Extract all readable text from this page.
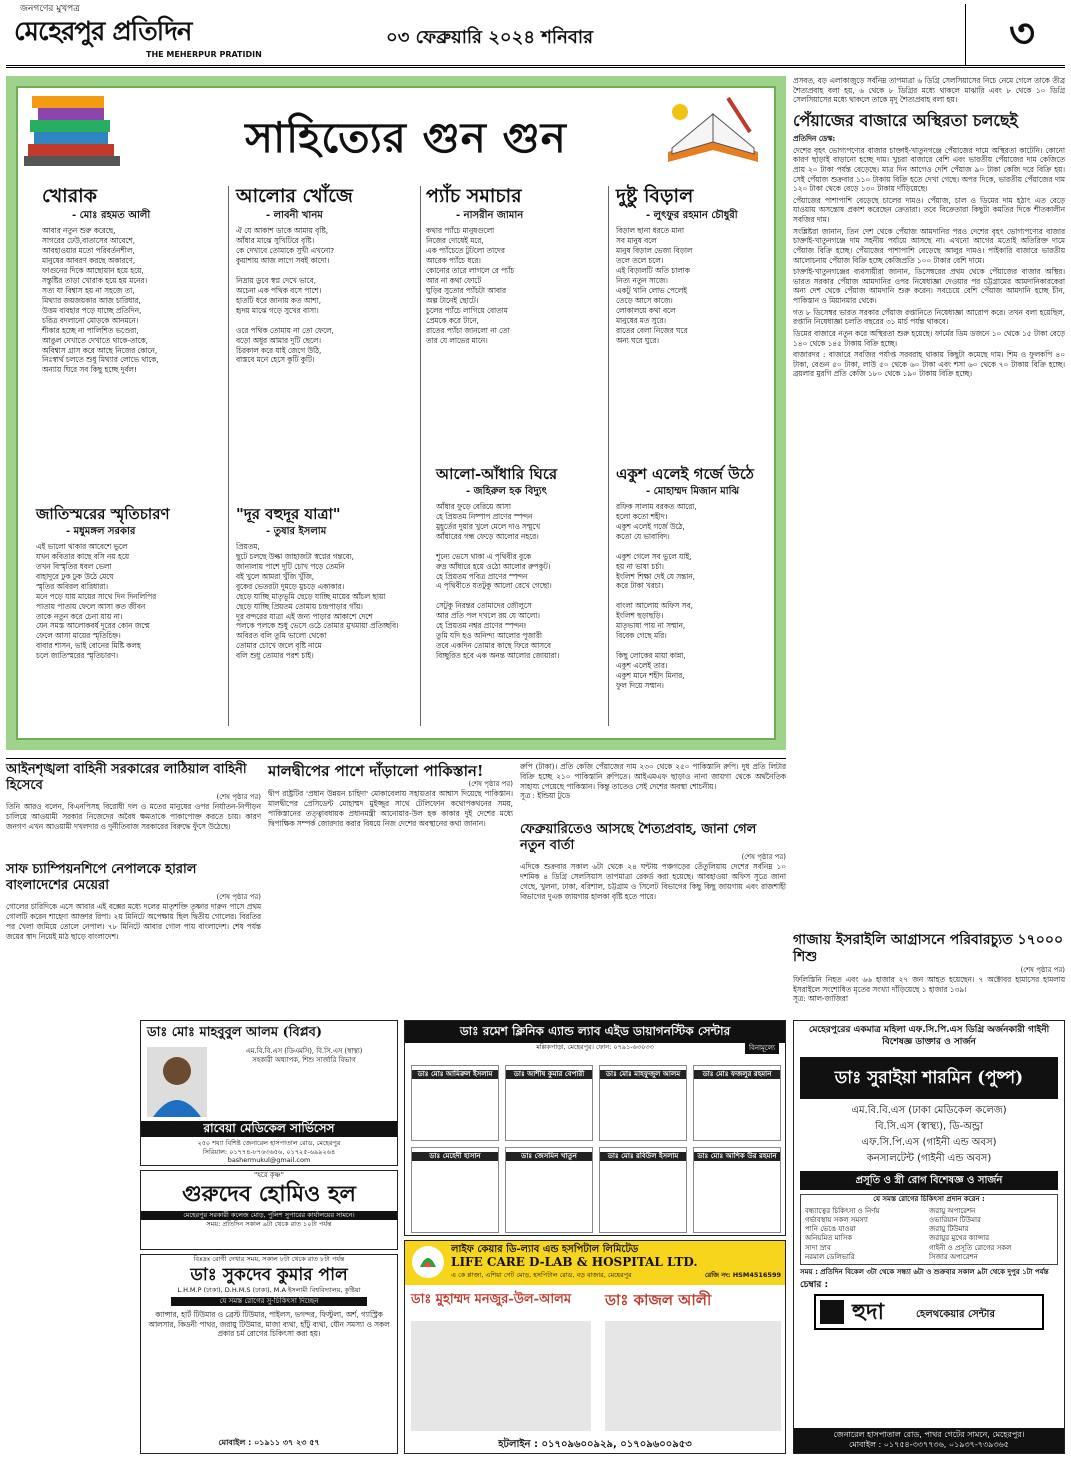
জনগণের মুখপত্র
মেহেরপুর প্রতিদিন
THE MEHERPUR PRATIDIN
০৩ ফেব্রুয়ারি ২০২৪ শনিবার	৩
সাহিত্যের গুন গুন
খোরাক
- মোঃ রহমত আলী

আবার নতুন শুরু করেছে,
সাগরের ঢেউ,বাতাসের আবেশে,
আবহাওয়ার মতো পরিবর্তনশীল,
মানুষের আবরণ করছে অকারণে,
ফাগুনের দিকে আছোয়ান হয়ে হয়ে,
সন্তুষ্টির তাড়া খোরাক হয়ে হয় মনের।
সত্য যা বিশ্বাস হয় না সহজে তা,
মিথ্যার জয়জয়কার আজ চারিধার,
উত্তম ব্যবহার পড়ে যাচ্ছে প্রতিদিন,
চরিত্র বদলানো মোড়কে আনমনে।
শীকার হচ্ছে না পালিশিত ভণ্ডেরা,
আঙুল দেখাতে দেখাতে থাকে-তাকে,
অবিশ্বাস গ্রাস করে আছে নিজের কোনে,
নিঃস্বার্থ চলতে শুধু মিথ্যার লোভে থাকে,
অন্যায় ঘিরে সব কিছু হচ্ছে দুর্বল!

আলোর খোঁজে
- লাবনী খানম

ঐ যে আকাশ ডাকে আমায় বৃষ্টি,
আঁধার মাঝে সুখিটিরে বৃষ্টি।
কে দেখাবে তোমাকে সুখী এখনো?
কুয়াশায় আজ লাগে সবই কাদো।

নিদ্রায় ডুবে স্বপ্ন দেখে ভাবে,
অচেনা এক পথিক বসে পাশে।
হাতটি ধরে জানায় কত আশা,
হৃদয় মাঝে গড়ে সুখের বাসা।

ওরে পথিক তোমায় না তো ফেলে,
বড়ো অধুর আমার দুটি ছেলে।
চিরকাল করে যাই জেগে উঠি,
বাস্তবে মনে হেসে কুটি কুটি।

প্যাঁচ সমাচার
- নাসরীন জামান

কথার প্যাঁচে মানুষগুলো
নিজের দোষেই মরে,
এক প্যাঁচেতে টুটলো তাদের
আরেক প্যাঁচে ধরে।
কোনোর তারে লাগলে রে প্যাঁচ
আর না কথা ফোটে
ঘুড়ির সুতোর প্যাঁচটা আবার
অল্প টানেই ছোটে।
চুলের প্যাঁচে লাগিয়ে বোতাম
প্রেমকে করে টানে,
রাতের প্যাঁচা জানলো না তো
তার যে লাভের মানে।

দুষ্টু বিড়াল
- লুৎফুর রহমান চৌধুরী

বিড়াল ছানা ধরতে মানা
সব মানুষ বলে
মানুষ বিড়াল ভেজা বিড়াল
তলে তলে চলে।
এই বিড়ালটি অতি চালাক
নিত্য নতুন সাজে।
একটু খানি লোভ পেলেই
তেড়ে আসে কাজে।
লোকালয়ে কথা বলে
মানুষের মত সুরে।
রাতের বেলা নিজের ঘরে
অন্য ঘরে ঘুরে।

জাতিস্মরের স্মৃতিচারণ
- মধুমঙ্গল সরকার

এই ভালো থাকার আবেশে ভুলে
যখন কবিতার কাছে বসি নয় হয়ে
তখন বিস্মৃতির ধবল ভেলা
বাহাদুরে ঢুক ঢুক উঠে মেঘে
স্মৃতির অবিরল বারিধারা।
মনে পড়ে যায় মায়ের সাথে দিন দিনলিপির
পাতায় পাতায় ফেলে আসা কত জীবন
তাকে নতুন করে চেনা যায় না।
যেন সমস্ত আলোকবর্ষ দূরের কোন জন্মে
ফেলে আসা মায়ের স্মৃতিচিহ্ন।
বাবার শাসন, ভাই বোনের মিষ্টি কলহ
চলে জাতিস্মরের স্মৃতিচারণ।

"দূর বহুদূর যাত্রা"
- তুষার ইসলাম

প্রিয়তম,
ছুটে চলছে উল্কা জাহাজটা স্বপ্নের গন্তব্যে,
জানালায় পাশে দুটি চোখ পড়ে তেমনি
বই খুলে আমরা খুঁজি খুঁজি,
বুকের ভেতরটা দুমড়ে মুচড়ে একাকার।
ছেড়ে যাচ্ছি মাতৃভূমি ছেড়ে যাচ্ছি মায়ের আঁচল ছায়া
ছেড়ে যাচ্ছি প্রিয়তম তোমায় চন্দ্রপাড়ার গাঁয়।
দূর বন্দরের যাত্রা এই জন্য পাড়ার আকাশে দেশে
পলকে পলকে শুধু ভেসে ওঠে তোমার মুখমায়া প্রতিচ্ছবি।
অবিরত বলি তুমি ভালো থেকো
তোমার চোখে জলে বৃষ্টি নামে
বলি শুধু তোমার পরশ চাই।

আলো-আঁধারি ঘিরে
- জহিরুল হক বিদ্যুৎ

আঁধার ফুড়ে বেরিয়ে আসা
হে প্রিয়তম নিষ্পাপ প্রাণের স্পন্দন
মুহূর্তের দুয়ার খুলে মেলে দাও সম্মুখে
আঁধারের গন্ধ ফেড়ে আলোর নহরে।

শূন্যে ভেসে থাকা এ পৃথিবীর বুকে
রুদ্র আঁধারে হয়ে ওঠো আলোর রুপকুট।
হে প্রিয়তম পবিত্র প্রাণের স্পন্দন
এ পৃথিবীতে যতটুকু আলো রেখে গেছো।

সেটুকু নিরন্তর তোমাদের জৌলুসে
আর প্রতি পল দখলে রয় যে আলো।
হে প্রিয়তম নশ্বর প্রাণের স্পন্দন!
তুমি যদি হও অনিন্দ্য আলোর পূজারী
তবে একদিন তোমার কাছে ফিরে আসবে
বিচ্ছুরিত হবে এক অনন্ত আলোর জোয়ারা।

একুশ এলেই গর্জে উঠে
- মোহাম্মদ মিজান মাঝি

রফিক সালাম বরকত আরো,
হলো কতো শহীদ।
একুশ এলেই গর্জে উঠে,
কতো যে ভাবাবিদ।

একুশ গেলে সব ভুলে যাই,
হয় না ভাষা চর্চা।
ইংলিশ শিক্ষা দেই যে সন্তান,
করে টাকা খরচা।

বাংলা আলোয় অফিস সব,
ইংলিশ ছড়াছড়ি।
মাতৃভাষা পায় না সম্মান,
বিবেক গেছে মরি।

কিছু লোকের মায়া কান্না,
একুশ এলেই তার।
একুশ মানে শহীদ মিনার,
ফুল দিয়ে সম্মান।

প্রসবত, বড় এলাকাজুড়ে সর্বনিম্ন তাপমাত্রা ৬ ডিগ্রি সেলসিয়াসের নিচে নেমে গেলে তাকে তীব্র শৈত্যপ্রবাহ বলা হয়, ৬ থেকে ৮ ডিগ্রির মধ্যে থাকলে মাঝারি এবং ৮ থেকে ১০ ডিগ্রি সেলসিয়াসের মধ্যে থাকলে তাকে মৃদু শৈত্যপ্রবাহ বলা হয়।
পেঁয়াজের বাজারে অস্থিরতা চলছেই
প্রতিদিন ডেস্ক:
দেশের বৃহৎ ভোগ্যপণ্যের বাজার চাক্তাই-খাতুনগঞ্জে পেঁয়াজের দামে অস্থিরতা কাটেনি। কোনো কারণ ছাড়াই বাড়ানো হচ্ছে দাম। খুচরা বাজারে বেশি এবং ভারতীয় পেঁয়াজের দাম কেজিতে প্রায় ২০ টাকা পর্যন্ত বেড়েছে। মাত্র দিন আগেও দেশি পেঁয়াজ ৯০ টাকা কেজি দরে বিক্রি হয়। সেই পেঁয়াজ শুক্রবার ১১০ টাকায় বিক্রি হতে দেখা গেছে। অপর দিকে, ভারতীয় পেঁয়াজের দাম ১২০ টাকা থেকে বেড়ে ১৩০ টাকায় দাঁড়িয়েছে।
পেঁয়াজের পাশাপাশি বেড়েছে চালের দামও। পেঁয়াজ, চাল ও ডিমের দাম হঠাৎ এত বেড়ে যাওয়ায় অসন্তোষ প্রকাশ করেছেন ক্রেতারা। তবে বিক্রেতারা কিছুটা কমতির দিকে শীতকালীন সবজির দাম।
সংশ্লিষ্টরা জানান, তিন দেশ থেকে পেঁয়াজ আমদানির পরও দেশের বৃহৎ ভোগ্যপণ্যের বাজার চাক্তাই-খাতুনগঞ্জে দাম সহনীয় পর্যায়ে আসছে না। এখনো আগের মতোই অতিরিক্ত দামে পেঁয়াজ বিক্রি হচ্ছে। পেঁয়াজের পাশাপাশি বেড়েছে আলুর দামও। পাইকারি বাজারে ভারতীয় আলোচনায় পেঁয়াজ বিক্রি হচ্ছে কেজিপ্রতি ১০০ টাকার বেশি দামে।
চাক্তাই-খাতুনগঞ্জের ব্যবসায়ীরা জানান, ডিসেম্বরের প্রথম থেকে পেঁয়াজের বাজার অস্থির। ভারত সরকার পেঁয়াজ আমদানির ওপর নিষেধাজ্ঞা দেওয়ার পর চট্টগ্রামের আমদানিকারকেরা অন্য দেশ থেকে পেঁয়াজ আমদানি শুরু করেন। সবচেয়ে বেশি পেঁয়াজ আমদানি হচ্ছে চীন, পাকিস্তান ও মিয়ানমার থেকে।
গত ৮ ডিসেম্বর ভারত সরকার পেঁয়াজ রপ্তানিতে নিষেধাজ্ঞা আরোপ করে। তখন বলা হয়েছিল, রপ্তানি নিষেধাজ্ঞা চলতি বছরের ৩১ মার্চ পর্যন্ত থাকবে।
ডিমের বাজারে নতুন করে অস্থিরতা শুরু হয়েছে। ফার্মের ডিম ডজনে ১০ থেকে ১৫ টাকা বেড়ে ১৪০ থেকে ১৪৫ টাকায় বিক্রি হচ্ছে।
বাজারদর : বাজারে সবজির পর্যাপ্ত সরবরাহ থাকায় কিছুটা কমেছে দাম। শিম ও ফুলকপি ৪০ টাকা, বেগুন ৫০ টাকা, লাউ ৫০ থেকে ৬০ টাকা এবং শসা ৬০ থেকে ৭০ টাকায় বিক্রি হচ্ছে। ব্রয়লার মুরগি প্রতি কেজি ১৮০ থেকে ১৯০ টাকায় বিক্রি হচ্ছে।
গাজায় ইসরাইলি আগ্রাসনে পরিবারচ্যুত ১৭০০০ শিশু
(শেষ পৃষ্ঠার পর)
ফিলিস্তিনি নিহত এবং ৬৬ হাজার ২৭ জন আহত হয়েছেন। ৭ অক্টোবর হামাসের হামলায় ইসরাইলে সংশোধিত মৃতের সংখ্যা দাঁড়িয়েছে ১ হাজার ১৩৯।
সূত্র: আল-জাজিরা
আইনশৃঙ্খলা বাহিনী সরকারের লাঠিয়াল বাহিনী হিসেবে
(শেষ পৃষ্ঠার পর)
তিনি আরও বলেন, বিএনপিসহ বিরোধী দল ও মতের মানুষের ওপর নির্যাতন-নিপীড়ন চালিয়ে আওয়ামী সরকার নিজেদের অবৈধ ক্ষমতাকে পাকাপোক্ত করতে চায়। কারণ জনগণ এখন আওয়ামী দখলদার ও দুর্নীতিবাজ সরকারের বিরুদ্ধে ফুঁসে উঠেছে।
সাফ চ্যাম্পিয়নশিপে নেপালকে হারাল বাংলাদেশের মেয়েরা
(শেষ পৃষ্ঠার পর)
গোলের চারিদিকে এসে আবার এই বক্সের মধ্যে দলের মাতৃশক্তি তৃষ্ণার দারুন পাসে প্রথম গোলটি করেন শাহেদা আক্তার রিপা। ২য় মিনিটে অপেক্ষায় ছিল দ্বিতীয় গোলের। বিরতির পর খেলা জমিয়ে তোলে নেপাল। ৭৮ মিনিটে আবার গোল পায় বাংলাদেশ। শেষ পর্যন্ত জয়ের স্বাদ নিয়েই মাঠ ছাড়ে বাংলাদেশ।
মালদ্বীপের পাশে দাঁড়ালো পাকিস্তান!
(শেষ পৃষ্ঠার পর)
দ্বীপ রাষ্ট্রটির 'প্রধান উন্নয়ন চাহিদা' মোকাবেলায় সহায়তার আশ্বাস দিয়েছে পাকিস্তান। মালদ্বীপের প্রেসিডেন্ট মোহাম্মদ মুইজ্জুর সাথে টেলিফোন কথোপকথনের সময়, পাকিস্তানের তত্ত্বাবধায়ক প্রধানমন্ত্রী আনোয়ার-উল হক কাকার দুই দেশের মধ্যে দ্বিপাক্ষিক সম্পর্ক জোরদার করার বিষয়ে নিজ দেশের অবস্থানের কথা জানান।
রুপি (টাকা)। প্রতি কেজি পেঁয়াজের দাম ২৩০ থেকে ২৫০ পাকিস্তানি রুপি। দুধ প্রতি লিটার বিক্রি হচ্ছে ২১০ পাকিস্তানি রুপিতে। আইএমএফ ছাড়াও নানা জায়গা থেকে অর্থনৈতিক সাহায্য পেয়েছে পাকিস্তান। কিন্তু তাতেও সেই দেশের অবস্থা শোচনীয়।
সূত্র : ইন্ডিয়া টুডে
ফেব্রুয়ারিতেও আসছে শৈত্যপ্রবাহ, জানা গেল নতুন বার্তা
(শেষ পৃষ্ঠার পর)
এদিকে শুক্রবার সকাল ৬টা থেকে ২৪ ঘন্টায় পঞ্চগড়ের তেঁতুলিয়ায় দেশের সর্বনিম্ন ১০ দশমিক ৪ ডিগ্রি সেলসিয়াস তাপমাত্রা রেকর্ড করা হয়েছে। আবহাওয়া অফিস সূত্রে জানা গেছে, খুলনা, ঢাকা, বরিশাল, চট্টগ্রাম ও সিলেট বিভাগের কিছু কিছু জায়গায় এবং রাজশাহী বিভাগের দুএক জায়গায় হালকা বৃষ্টি হতে পারে।
ডাঃ মোঃ মাহবুবুল আলম (বিপ্লব)
এম.বি.বি.এস (ডিএমসি), বি.সি.এস (স্বাস্থ্য)
সহকারী অধ্যাপক, শিশু সার্জারি বিভাগ
রাবেয়া মেডিকেল সার্ভিসেস
২৫০ শয্যা বিশিষ্ট জেনারেল হাসপাতাল রোড, মেহেরপুর
সিরিয়াল: ০১৭৭৪-৮৭৬৩৬৫৬, ০১৭২৫-৬৯৯২৬৪
bashermukul@gmail.com
"হরে কৃষ্ণ"
গুরুদেব হোমিও হল
মেহেরপুর সরকারী কলেজ মোড়, পুলিশ সুপারের কার্যালয়ের সামনে।
সময়: প্রতিদিন সকাল ৯টা থেকে রাত ১০টা পর্যন্ত
বিঃদ্রঃ রোগী দেখার সময়, সকাল ৮টা থেকে রাত ৮টা পর্যন্ত
ডাঃ সুকদেব কুমার পাল
L.H.M.P (ঢাকা), D.H.M.S (ঢাকা), M.A ইসলামী বিশ্ববিদ্যালয়, কুষ্টিয়া
যে সমস্ত রোগের সু-চিকিৎসা দিচ্ছেন
ক্যান্সার, হার্ট টিউমার ও ব্রেস্ট টিউমার, পাইলস, ভগন্দর, ফিস্টুলা, অর্শ, গ্যাস্ট্রিক আলসার, কিডনী পাথর, জরায়ু টিউমার, মাজা ব্যথা, হাঁটু ব্যথা, যৌন সমস্যা ও সকল প্রকার চর্ম রোগের চিকিৎসা করা হয়।
মোবাইল : ০১৯১১ ৩৭ ২৩ ৫৭
ডাঃ রমেশ ক্লিনিক এ্যান্ড ল্যাব এইড ডায়াগনস্টিক সেন্টার
মল্লিকপাড়া, মেহেরপুর। ফোন: ০৭৯১-৬৩০৩৩	বিনামূল্যে
ডাঃ মোঃ আমিরুল ইসলাম	ডাঃ আশীষ কুমার বেপারী	ডাঃ মোঃ মাহফুজুল আলম	ডাঃ মোঃ ফজলুর রহমান
ডাঃ মেহেদী হাসান	ডাঃ জেসমিন খাতুন	ডাঃ মোঃ রবিউল ইসলাম	ডাঃ মোঃ আশিক উর রহমান
লাইফ কেয়ার ডি-ল্যাব এন্ড হসপিটাল লিমিটেড
LIFE CARE D-LAB & HOSPITAL LTD.
এ কে প্লাজা, এশিয়া গেট মোড়, হসপিটাল রোড, বড় বাজার, মেহেরপুর	রেজি নং: HSM4516599
ডাঃ মুহাম্মদ মনজুর-উল-আলম	ডাঃ কাজল আলী
হটলাইন : ০১৭০৯৬০০৯২৯, ০১৭০৯৬০০৯৫৩
মেহেরপুরের একমাত্র মহিলা এফ.সি.পি.এস ডিগ্রি অর্জনকারী গাইনী বিশেষজ্ঞ ডাক্তার ও সার্জন
ডাঃ সুরাইয়া শারমিন (পুষ্প)
এম.বি.বি.এস (ঢাকা মেডিকেল কলেজ)
বি.সি.এস (স্বাস্থ্য), ডি-অন্ড্রা
এফ.সি.পি.এস (গাইনী এন্ড অবস)
কনসালটেন্ট (গাইনী এন্ড অবস)
প্রসূতি ও স্ত্রী রোগ বিশেষজ্ঞ ও সার্জন
যে সমস্ত রোগের চিকিৎসা প্রদান করেন :
বন্ধ্যাত্বের চিকিৎসা ও নির্ণয়	জরায়ু অপারেশন
গর্ভাবস্থায় সকল সমস্যা	ওভারিয়ান টিউমার
পানি ভেঙে যাওয়া	জরায়ু টিউমার
অনিয়মিত মাসিক	জরায়ুর মুখের ক্যান্সার
সাদা স্রাব	গাইনী ও প্রসূতি রোগের সকল
নরমাল ডেলিভারি	সিজার অপারেশন
সময় : প্রতিদিন বিকেল ৩টা থেকে সন্ধ্যা ৬টা ও শুক্রবার সকাল ৯টা থেকে দুপুর ১টা পর্যন্ত
চেম্বার :
হুদা	হেলথকেয়ার সেন্টার
জেনারেল হাসপাতাল রোড, পাথর গেটের সামনে, মেহেরপুর।
মোবাইল : ০১৭৫৪-৩৩৭৭৩৬, ০১৯৩৭-৭৩৯৩৬৫
